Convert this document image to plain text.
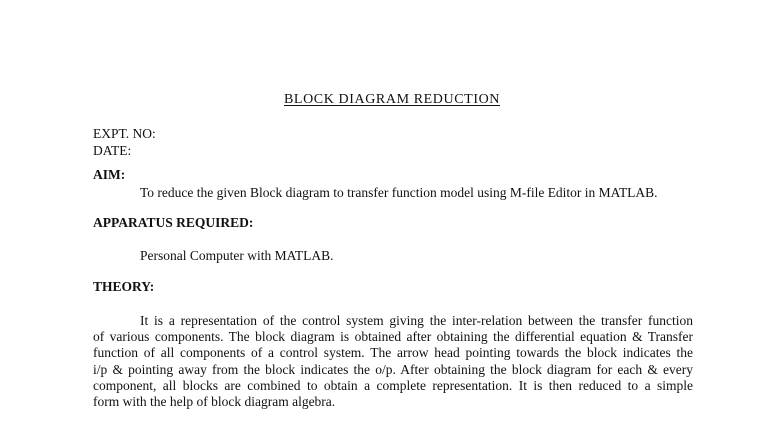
BLOCK DIAGRAM REDUCTION
EXPT. NO:
DATE:
AIM:
To reduce the given Block diagram to transfer function model using M-file Editor in MATLAB.
APPARATUS REQUIRED:
Personal Computer with MATLAB.
THEORY:
It is a representation of the control system giving the inter-relation between the transfer function
of various components. The block diagram is obtained after obtaining the differential equation & Transfer
function of all components of a control system. The arrow head pointing towards the block indicates the
i/p & pointing away from the block indicates the o/p. After obtaining the block diagram for each & every
component, all blocks are combined to obtain a complete representation. It is then reduced to a simple
form with the help of block diagram algebra.
